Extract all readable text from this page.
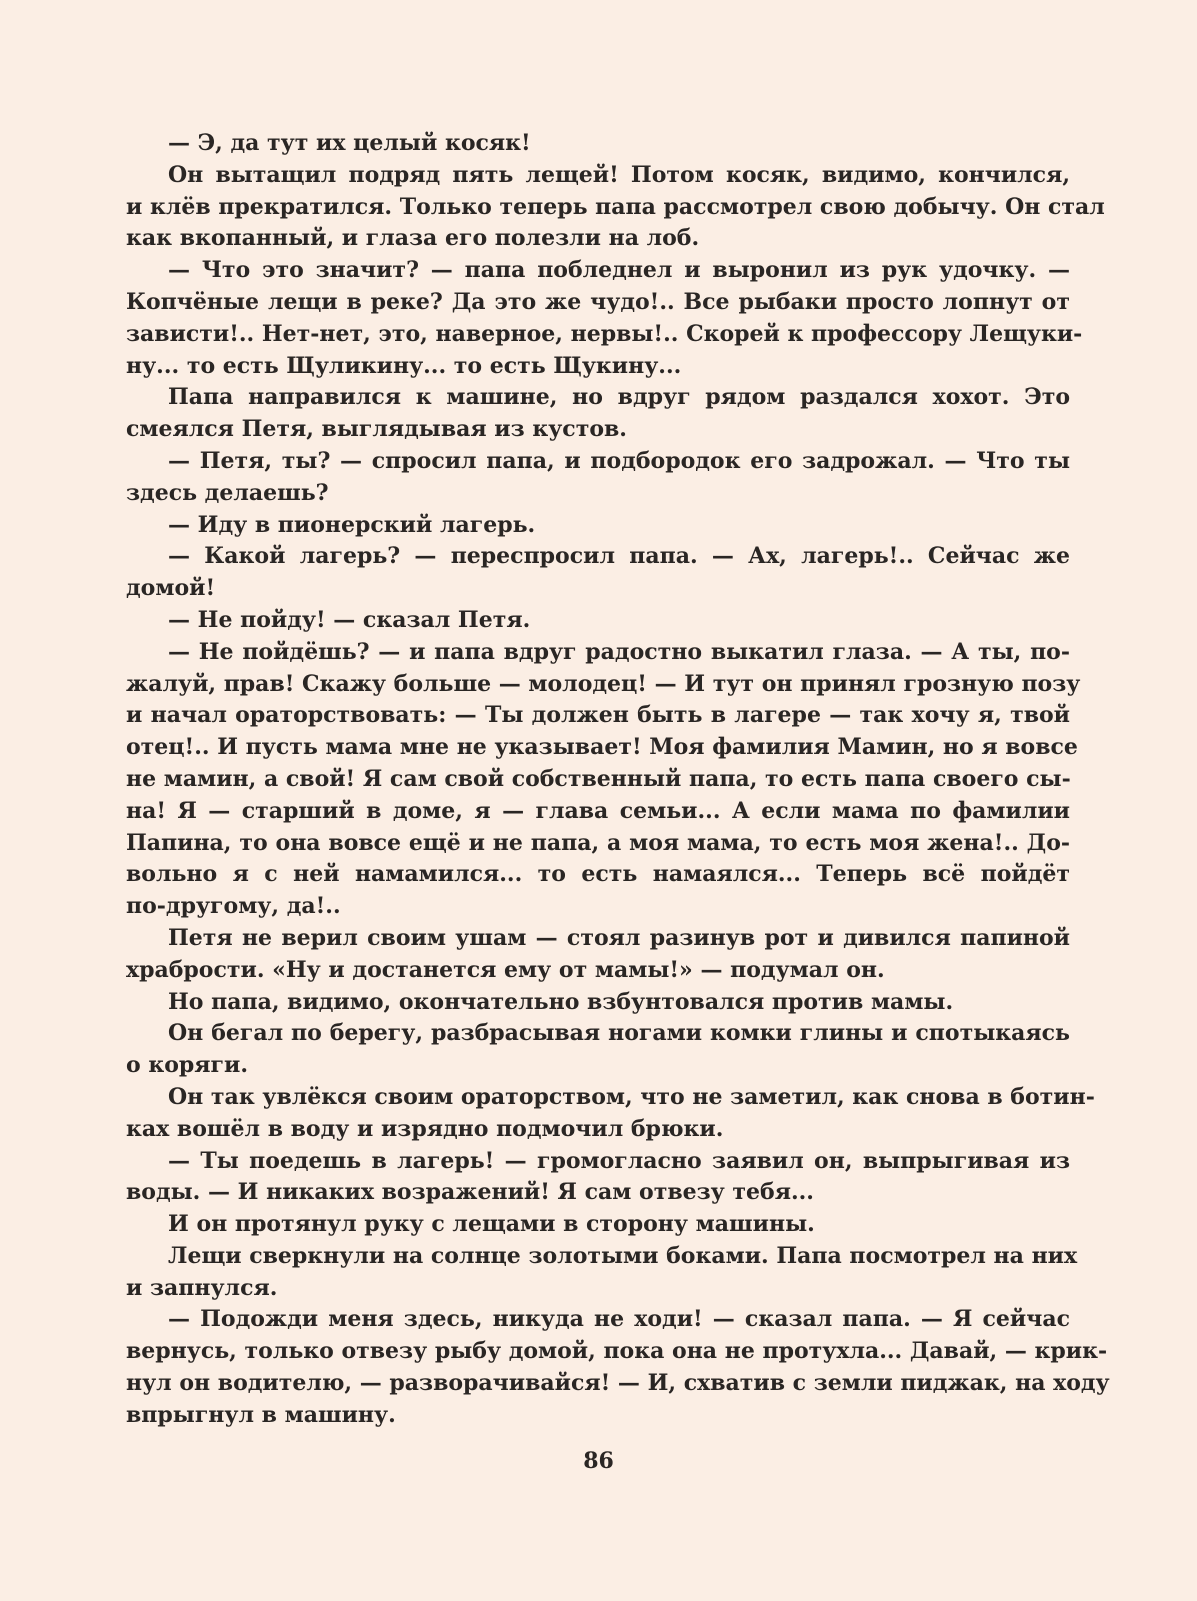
— Э, да тут их целый косяк!
Он вытащил подряд пять лещей! Потом косяк, видимо, кончился,
и клёв прекратился. Только теперь папа рассмотрел свою добычу. Он стал
как вкопанный, и глаза его полезли на лоб.
— Что это значит? — папа побледнел и выронил из рук удочку. —
Копчёные лещи в реке? Да это же чудо!.. Все рыбаки просто лопнут от
зависти!.. Нет-нет, это, наверное, нервы!.. Скорей к профессору Лещуки-
ну... то есть Щуликину... то есть Щукину...
Папа направился к машине, но вдруг рядом раздался хохот. Это
смеялся Петя, выглядывая из кустов.
— Петя, ты? — спросил папа, и подбородок его задрожал. — Что ты
здесь делаешь?
— Иду в пионерский лагерь.
— Какой лагерь? — переспросил папа. — Ах, лагерь!.. Сейчас же
домой!
— Не пойду! — сказал Петя.
— Не пойдёшь? — и папа вдруг радостно выкатил глаза. — А ты, по-
жалуй, прав! Скажу больше — молодец! — И тут он принял грозную позу
и начал ораторствовать: — Ты должен быть в лагере — так хочу я, твой
отец!.. И пусть мама мне не указывает! Моя фамилия Мамин, но я вовсе
не мамин, а свой! Я сам свой собственный папа, то есть папа своего сы-
на! Я — старший в доме, я — глава семьи... А если мама по фамилии
Папина, то она вовсе ещё и не папа, а моя мама, то есть моя жена!.. До-
вольно я с ней намамился... то есть намаялся... Теперь всё пойдёт
по-другому, да!..
Петя не верил своим ушам — стоял разинув рот и дивился папиной
храбрости. «Ну и достанется ему от мамы!» — подумал он.
Но папа, видимо, окончательно взбунтовался против мамы.
Он бегал по берегу, разбрасывая ногами комки глины и спотыкаясь
о коряги.
Он так увлёкся своим ораторством, что не заметил, как снова в ботин-
ках вошёл в воду и изрядно подмочил брюки.
— Ты поедешь в лагерь! — громогласно заявил он, выпрыгивая из
воды. — И никаких возражений! Я сам отвезу тебя...
И он протянул руку с лещами в сторону машины.
Лещи сверкнули на солнце золотыми боками. Папа посмотрел на них
и запнулся.
— Подожди меня здесь, никуда не ходи! — сказал папа. — Я сейчас
вернусь, только отвезу рыбу домой, пока она не протухла... Давай, — крик-
нул он водителю, — разворачивайся! — И, схватив с земли пиджак, на ходу
впрыгнул в машину.
86
